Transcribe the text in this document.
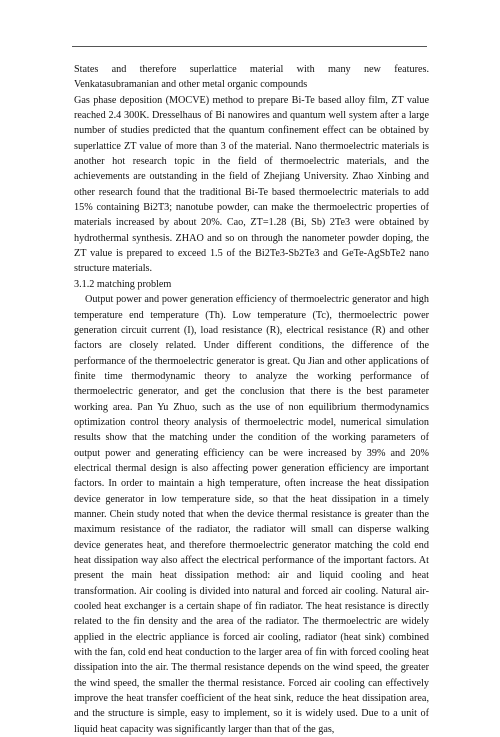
States and therefore superlattice material with many new features. Venkatasubramanian and other metal organic compounds

Gas phase deposition (MOCVE) method to prepare Bi-Te based alloy film, ZT value reached 2.4 300K. Dresselhaus of Bi nanowires and quantum well system after a large number of studies predicted that the quantum confinement effect can be obtained by superlattice ZT value of more than 3 of the material. Nano thermoelectric materials is another hot research topic in the field of thermoelectric materials, and the achievements are outstanding in the field of Zhejiang University. Zhao Xinbing and other research found that the traditional Bi-Te based thermoelectric materials to add 15% containing Bi2T3; nanotube powder, can make the thermoelectric properties of materials increased by about 20%. Cao, ZT=1.28 (Bi, Sb) 2Te3 were obtained by hydrothermal synthesis. ZHAO and so on through the nanometer powder doping, the ZT value is prepared to exceed 1.5 of the Bi2Te3-Sb2Te3 and GeTe-AgSbTe2 nano structure materials.

3.1.2 matching problem

Output power and power generation efficiency of thermoelectric generator and high temperature end temperature (Th). Low temperature (Tc), thermoelectric power generation circuit current (I), load resistance (R), electrical resistance (R) and other factors are closely related. Under different conditions, the difference of the performance of the thermoelectric generator is great. Qu Jian and other applications of finite time thermodynamic theory to analyze the working performance of thermoelectric generator, and get the conclusion that there is the best parameter working area. Pan Yu Zhuo, such as the use of non equilibrium thermodynamics optimization control theory analysis of thermoelectric model, numerical simulation results show that the matching under the condition of the working parameters of output power and generating efficiency can be were increased by 39% and 20% electrical thermal design is also affecting power generation efficiency are important factors. In order to maintain a high temperature, often increase the heat dissipation device generator in low temperature side, so that the heat dissipation in a timely manner. Chein study noted that when the device thermal resistance is greater than the maximum resistance of the radiator, the radiator will small can disperse walking device generates heat, and therefore thermoelectric generator matching the cold end heat dissipation way also affect the electrical performance of the important factors. At present the main heat dissipation method: air and liquid cooling and heat transformation. Air cooling is divided into natural and forced air cooling. Natural air-cooled heat exchanger is a certain shape of fin radiator. The heat resistance is directly related to the fin density and the area of the radiator. The thermoelectric are widely applied in the electric appliance is forced air cooling, radiator (heat sink) combined with the fan, cold end heat conduction to the larger area of fin with forced cooling heat dissipation into the air. The thermal resistance depends on the wind speed, the greater the wind speed, the smaller the thermal resistance. Forced air cooling can effectively improve the heat transfer coefficient of the heat sink, reduce the heat dissipation area, and the structure is simple, easy to implement, so it is widely used. Due to a unit of liquid heat capacity was significantly larger than that of the gas,
